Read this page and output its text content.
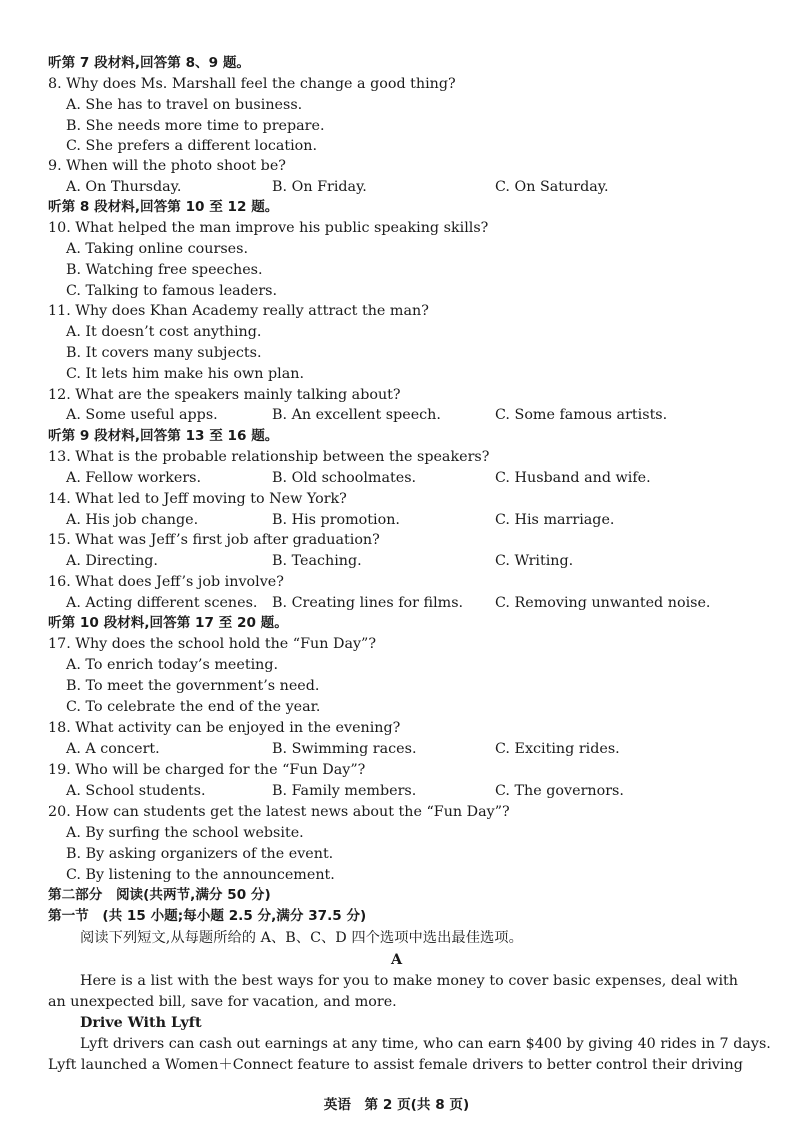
听第 7 段材料,回答第 8、9 题。
8. Why does Ms. Marshall feel the change a good thing?
A. She has to travel on business.
B. She needs more time to prepare.
C. She prefers a different location.
9. When will the photo shoot be?
A. On Thursday.	B. On Friday.	C. On Saturday.
听第 8 段材料,回答第 10 至 12 题。
10. What helped the man improve his public speaking skills?
A. Taking online courses.
B. Watching free speeches.
C. Talking to famous leaders.
11. Why does Khan Academy really attract the man?
A. It doesn’t cost anything.
B. It covers many subjects.
C. It lets him make his own plan.
12. What are the speakers mainly talking about?
A. Some useful apps.	B. An excellent speech.	C. Some famous artists.
听第 9 段材料,回答第 13 至 16 题。
13. What is the probable relationship between the speakers?
A. Fellow workers.	B. Old schoolmates.	C. Husband and wife.
14. What led to Jeff moving to New York?
A. His job change.	B. His promotion.	C. His marriage.
15. What was Jeff’s first job after graduation?
A. Directing.	B. Teaching.	C. Writing.
16. What does Jeff’s job involve?
A. Acting different scenes. B. Creating lines for films. C. Removing unwanted noise.
听第 10 段材料,回答第 17 至 20 题。
17. Why does the school hold the “Fun Day”?
A. To enrich today’s meeting.
B. To meet the government’s need.
C. To celebrate the end of the year.
18. What activity can be enjoyed in the evening?
A. A concert.	B. Swimming races.	C. Exciting rides.
19. Who will be charged for the “Fun Day”?
A. School students.	B. Family members.	C. The governors.
20. How can students get the latest news about the “Fun Day”?
A. By surfing the school website.
B. By asking organizers of the event.
C. By listening to the announcement.
第二部分　阅读(共两节,满分 50 分)
第一节　(共 15 小题;每小题 2.5 分,满分 37.5 分)
阅读下列短文,从每题所给的 A、B、C、D 四个选项中选出最佳选项。
A
Here is a list with the best ways for you to make money to cover basic expenses, deal with an unexpected bill, save for vacation, and more.
Drive With Lyft
Lyft drivers can cash out earnings at any time, who can earn $400 by giving 40 rides in 7 days.
Lyft launched a Women＋Connect feature to assist female drivers to better control their driving
英语　第 2 页(共 8 页)
